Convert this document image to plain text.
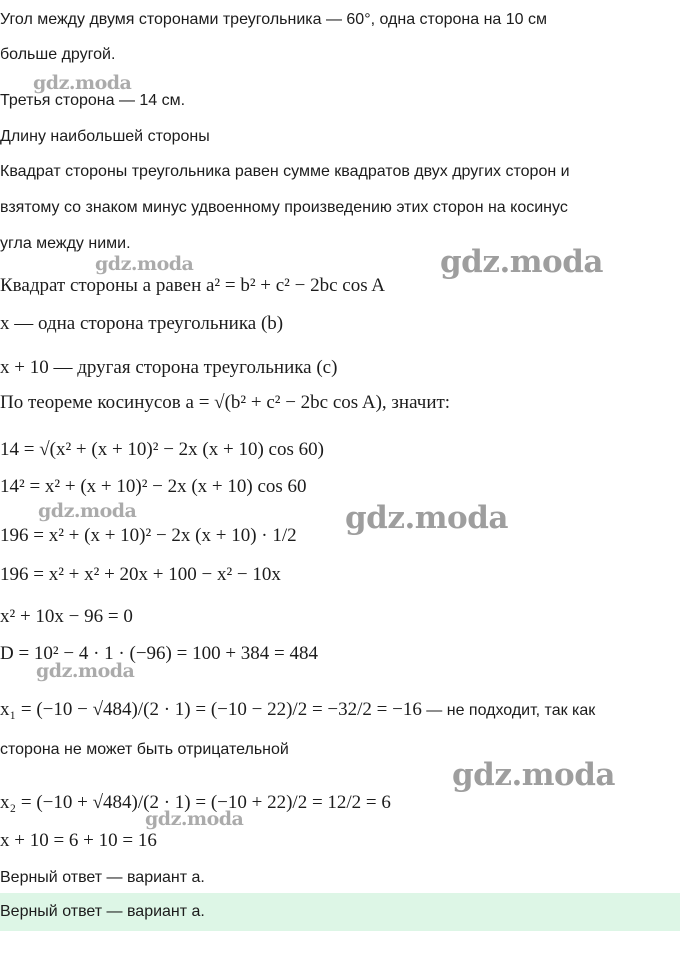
Угол между двумя сторонами треугольника — 60°, одна сторона на 10 см
больше другой.
Третья сторона — 14 см.
Длину наибольшей стороны
Квадрат стороны треугольника равен сумме квадратов двух других сторон и
взятому со знаком минус удвоенному произведению этих сторон на косинус
угла между ними.
Квадрат стороны a равен a² = b² + c² − 2bc cos A
x — одна сторона треугольника (b)
x + 10 — другая сторона треугольника (c)
По теореме косинусов a = √(b² + c² − 2bc cos A), значит:
14 = √(x² + (x + 10)² − 2x (x + 10) cos 60)
14² = x² + (x + 10)² − 2x (x + 10) cos 60
196 = x² + (x + 10)² − 2x (x + 10) · 1/2
196 = x² + x² + 20x + 100 − x² − 10x
x² + 10x − 96 = 0
D = 10² − 4 · 1 · (−96) = 100 + 384 = 484
x₁ = (−10 − √484)/(2 · 1) = (−10 − 22)/2 = −32/2 = −16 — не подходит, так как
сторона не может быть отрицательной
x₂ = (−10 + √484)/(2 · 1) = (−10 + 22)/2 = 12/2 = 6
x + 10 = 6 + 10 = 16
Верный ответ — вариант a.
Верный ответ — вариант a.
gdz.moda
gdz.moda	gdz.moda
gdz.moda	gdz.moda
gdz.moda
gdz.moda
gdz.moda
